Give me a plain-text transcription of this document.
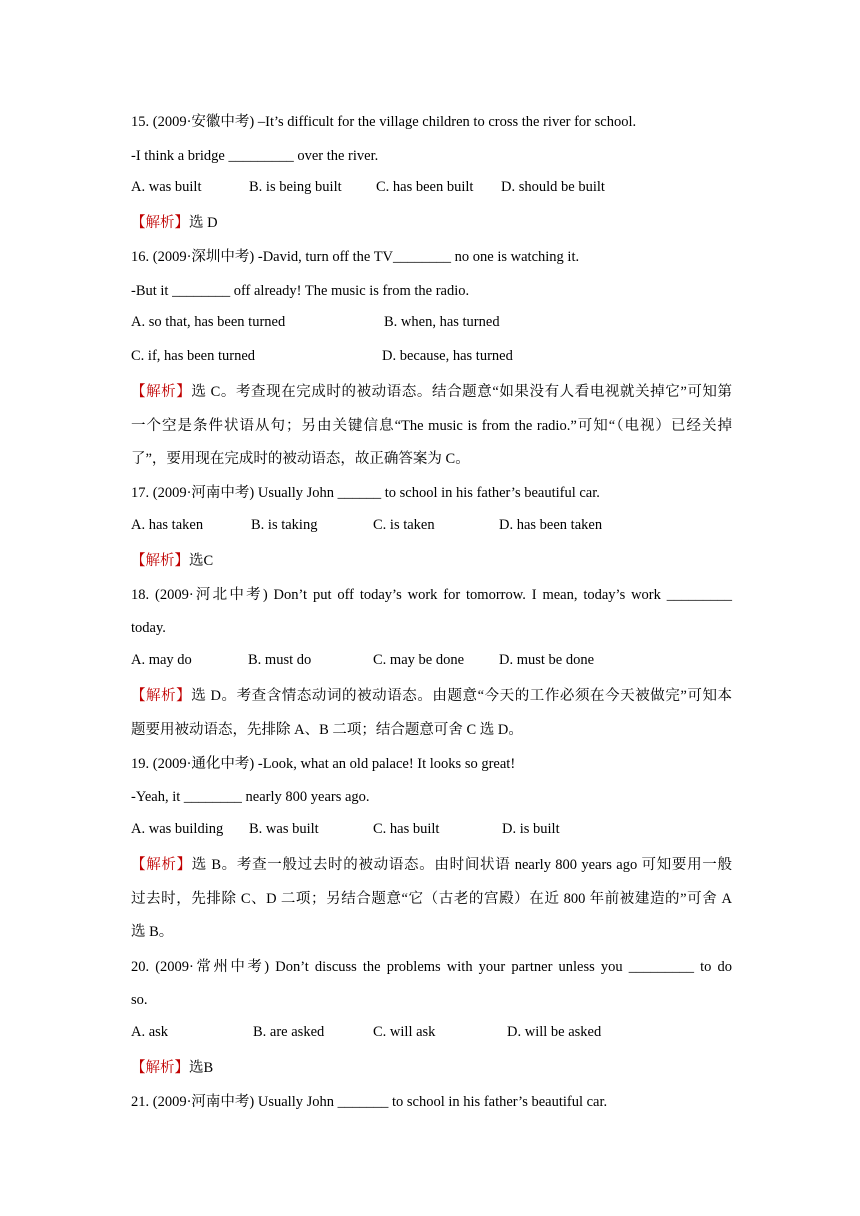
15. (2009·安徽中考) –It’s difficult for the village children to cross the river for school.
-I think a bridge _________ over the river.
A. was built	B. is being built C. has been built D. should be built
【解析】选 D
16. (2009·深圳中考) -David, turn off the TV________ no one is watching it.
-But it ________ off already! The music is from the radio.
A. so that, has been turned	B. when, has turned
C. if, has been turned	D. because, has turned
【解析】选 C。考查现在完成时的被动语态。结合题意“如果没有人看电视就关掉它”可知第
一个空是条件状语从句；另由关键信息“The music is from the radio.”可知“（电视）已经关掉
了”，要用现在完成时的被动语态，故正确答案为 C。
17. (2009·河南中考) Usually John ______ to school in his father’s beautiful car.
A. has taken	B. is taking	C. is taken	D. has been taken
【解析】选C
18. (2009·河北中考) Don’t put off today’s work for tomorrow. I mean, today’s work _________
today.
A. may do	B. must do	C. may be done D. must be done
【解析】选 D。考查含情态动词的被动语态。由题意“今天的工作必须在今天被做完”可知本
题要用被动语态，先排除 A、B 二项；结合题意可舍 C 选 D。
19. (2009·通化中考) -Look, what an old palace! It looks so great!
-Yeah, it ________ nearly 800 years ago.
A. was building B. was built	C. has built	D. is built
【解析】选 B。考查一般过去时的被动语态。由时间状语 nearly 800 years ago 可知要用一般
过去时，先排除 C、D 二项；另结合题意“它（古老的宫殿）在近 800 年前被建造的”可舍 A
选 B。
20. (2009·常州中考) Don’t discuss the problems with your partner unless you _________ to do
so.
A. ask	B. are asked	C. will ask	D. will be asked
【解析】选B
21. (2009·河南中考) Usually John _______ to school in his father’s beautiful car.
